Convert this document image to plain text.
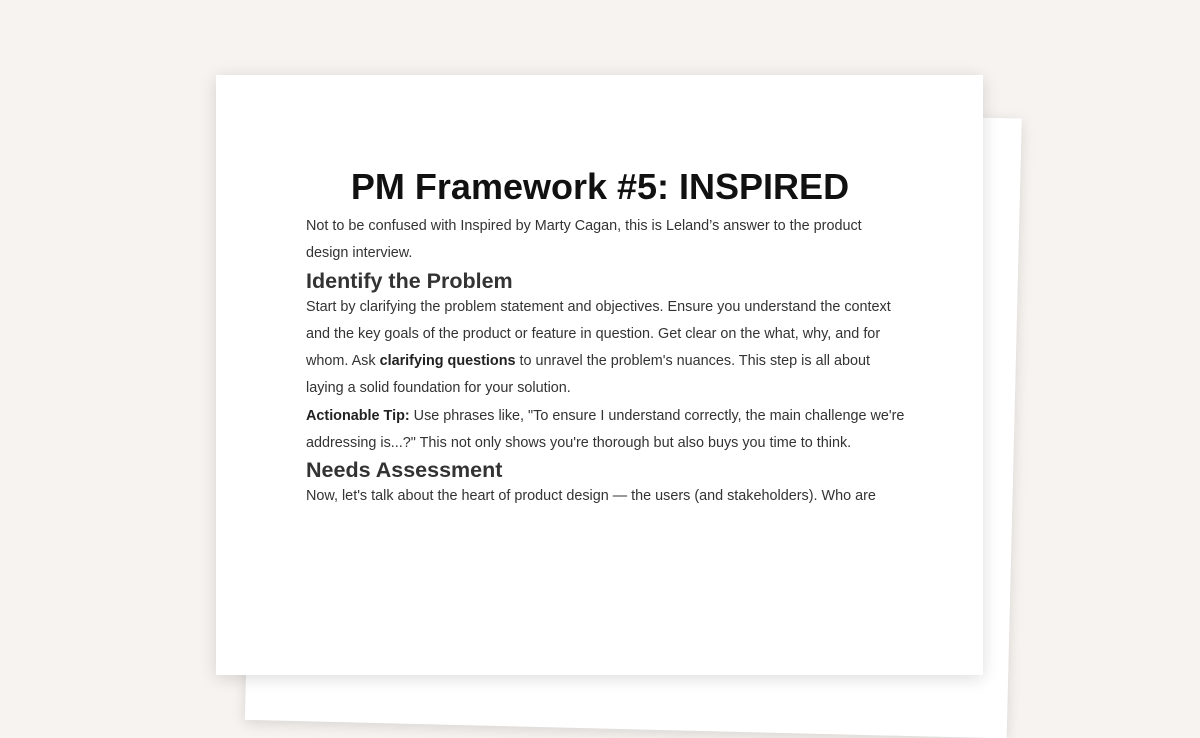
PM Framework #5: INSPIRED

Not to be confused with Inspired by Marty Cagan, this is Leland’s answer to the product design interview.

Identify the Problem

Start by clarifying the problem statement and objectives. Ensure you understand the context and the key goals of the product or feature in question. Get clear on the what, why, and for whom. Ask clarifying questions to unravel the problem's nuances. This step is all about laying a solid foundation for your solution.

Actionable Tip: Use phrases like, "To ensure I understand correctly, the main challenge we're addressing is...?" This not only shows you're thorough but also buys you time to think.

Needs Assessment

Now, let's talk about the heart of product design — the users (and stakeholders). Who are
